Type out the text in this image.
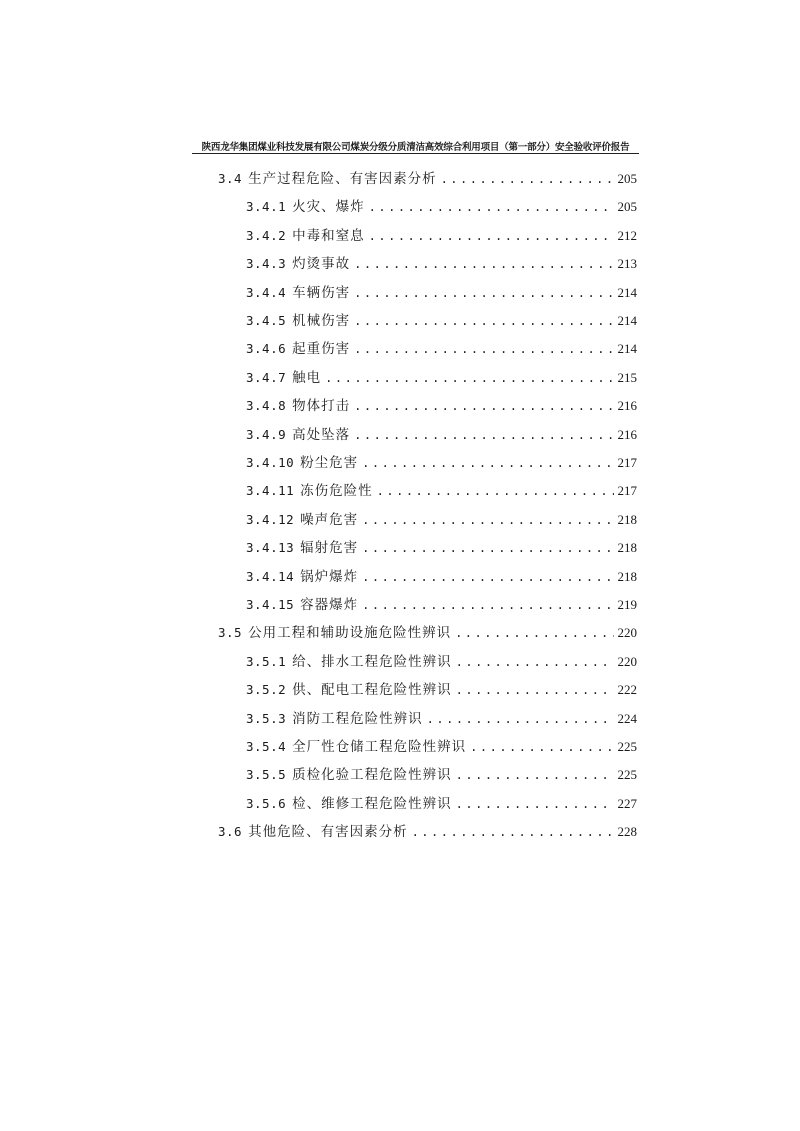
陕西龙华集团煤业科技发展有限公司煤炭分级分质清洁高效综合利用项目（第一部分）安全验收评价报告
3.4 生产过程危险、有害因素分析 .....	205
3.4.1 火灾、爆炸 .....	205
3.4.2 中毒和窒息 .....	212
3.4.3 灼烫事故 .....	213
3.4.4 车辆伤害 .....	214
3.4.5 机械伤害 .....	214
3.4.6 起重伤害 .....	214
3.4.7 触电 .....	215
3.4.8 物体打击 .....	216
3.4.9 高处坠落 .....	216
3.4.10 粉尘危害 .....	217
3.4.11 冻伤危险性 .....	217
3.4.12 噪声危害 .....	218
3.4.13 辐射危害 .....	218
3.4.14 锅炉爆炸 .....	218
3.4.15 容器爆炸 .....	219
3.5 公用工程和辅助设施危险性辨识 .....	220
3.5.1 给、排水工程危险性辨识 .....	220
3.5.2 供、配电工程危险性辨识 .....	222
3.5.3 消防工程危险性辨识 .....	224
3.5.4 全厂性仓储工程危险性辨识 .....	225
3.5.5 质检化验工程危险性辨识 .....	225
3.5.6 检、维修工程危险性辨识 .....	227
3.6 其他危险、有害因素分析 .....	228
